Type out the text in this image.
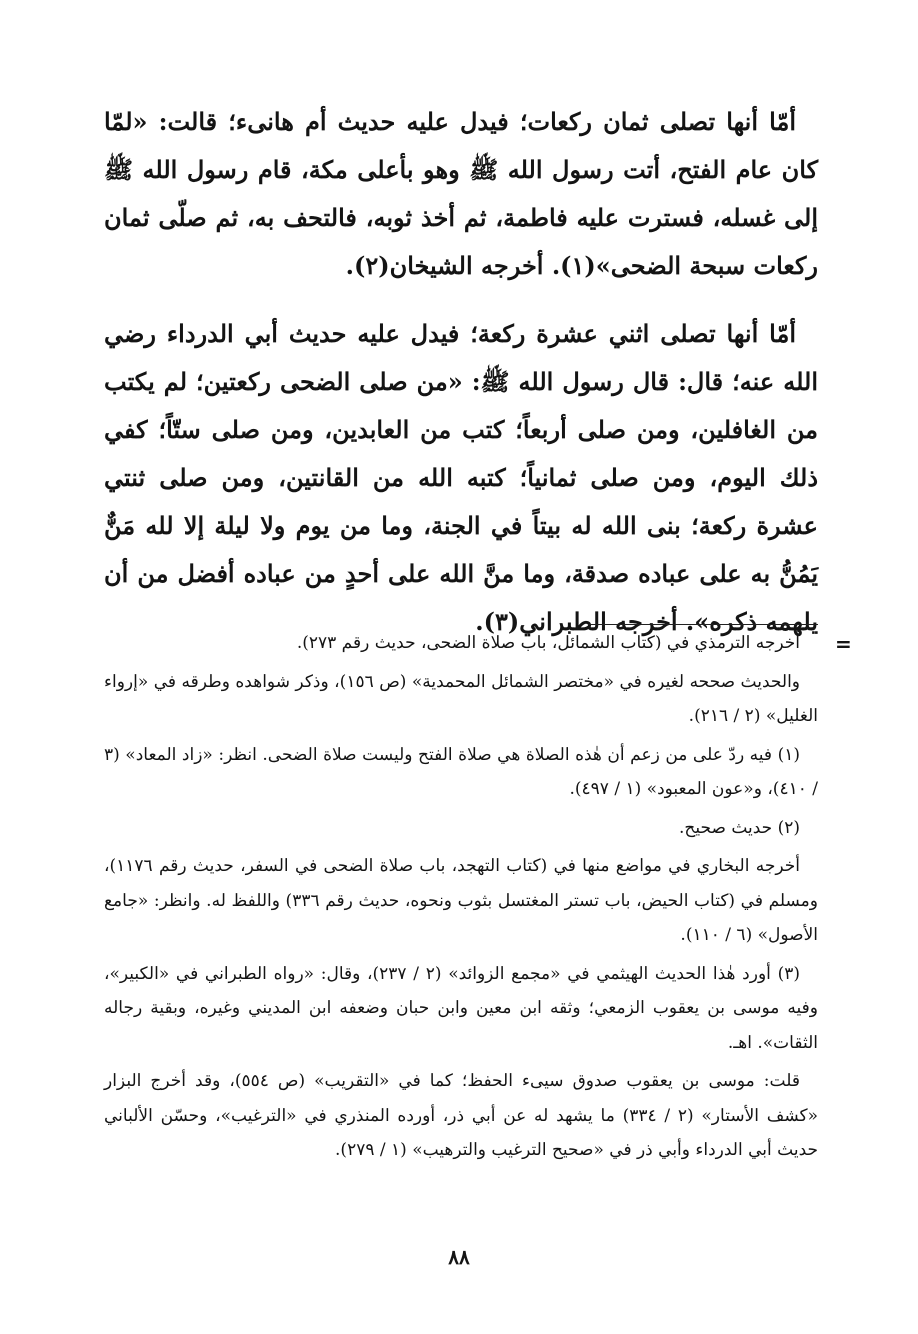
أمّا أنها تصلى ثمان ركعات؛ فيدل عليه حديث أم هانىء؛ قالت: «لمّا كان عام الفتح، أتت رسول الله ﷺ وهو بأعلى مكة، قام رسول الله ﷺ إلى غسله، فسترت عليه فاطمة، ثم أخذ ثوبه، فالتحف به، ثم صلّى ثمان ركعات سبحة الضحى»(١). أخرجه الشيخان(٢).

أمّا أنها تصلى اثني عشرة ركعة؛ فيدل عليه حديث أبي الدرداء رضي الله عنه؛ قال: قال رسول الله ﷺ: «من صلى الضحى ركعتين؛ لم يكتب من الغافلين، ومن صلى أربعاً؛ كتب من العابدين، ومن صلى ستّاً؛ كفي ذلك اليوم، ومن صلى ثمانياً؛ كتبه الله من القانتين، ومن صلى ثنتي عشرة ركعة؛ بنى الله له بيتاً في الجنة، وما من يوم ولا ليلة إلا لله مَنٌّ يَمُنُّ به على عباده صدقة، وما منَّ الله على أحدٍ من عباده أفضل من أن يلهمه ذكره». أخرجه الطبراني(٣).

=

أخرجه الترمذي في (كتاب الشمائل، باب صلاة الضحى، حديث رقم ٢٧٣).

والحديث صححه لغيره في «مختصر الشمائل المحمدية» (ص ١٥٦)، وذكر شواهده وطرقه في «إرواء الغليل» (٢ / ٢١٦).

(١) فيه ردّ على من زعم أن هٰذه الصلاة هي صلاة الفتح وليست صلاة الضحى. انظر: «زاد المعاد» (٣ / ٤١٠)، و«عون المعبود» (١ / ٤٩٧).

(٢) حديث صحيح.

أخرجه البخاري في مواضع منها في (كتاب التهجد، باب صلاة الضحى في السفر، حديث رقم ١١٧٦)، ومسلم في (كتاب الحيض، باب تستر المغتسل بثوب ونحوه، حديث رقم ٣٣٦) واللفظ له. وانظر: «جامع الأصول» (٦ / ١١٠).

(٣) أورد هٰذا الحديث الهيثمي في «مجمع الزوائد» (٢ / ٢٣٧)، وقال: «رواه الطبراني في «الكبير»، وفيه موسى بن يعقوب الزمعي؛ وثقه ابن معين وابن حبان وضعفه ابن المديني وغيره، وبقية رجاله الثقات». اهـ.

قلت: موسى بن يعقوب صدوق سيىء الحفظ؛ كما في «التقريب» (ص ٥٥٤)، وقد أخرج البزار «كشف الأستار» (٢ / ٣٣٤) ما يشهد له عن أبي ذر، أورده المنذري في «الترغيب»، وحسّن الألباني حديث أبي الدرداء وأبي ذر في «صحيح الترغيب والترهيب» (١ / ٢٧٩).

٨٨
